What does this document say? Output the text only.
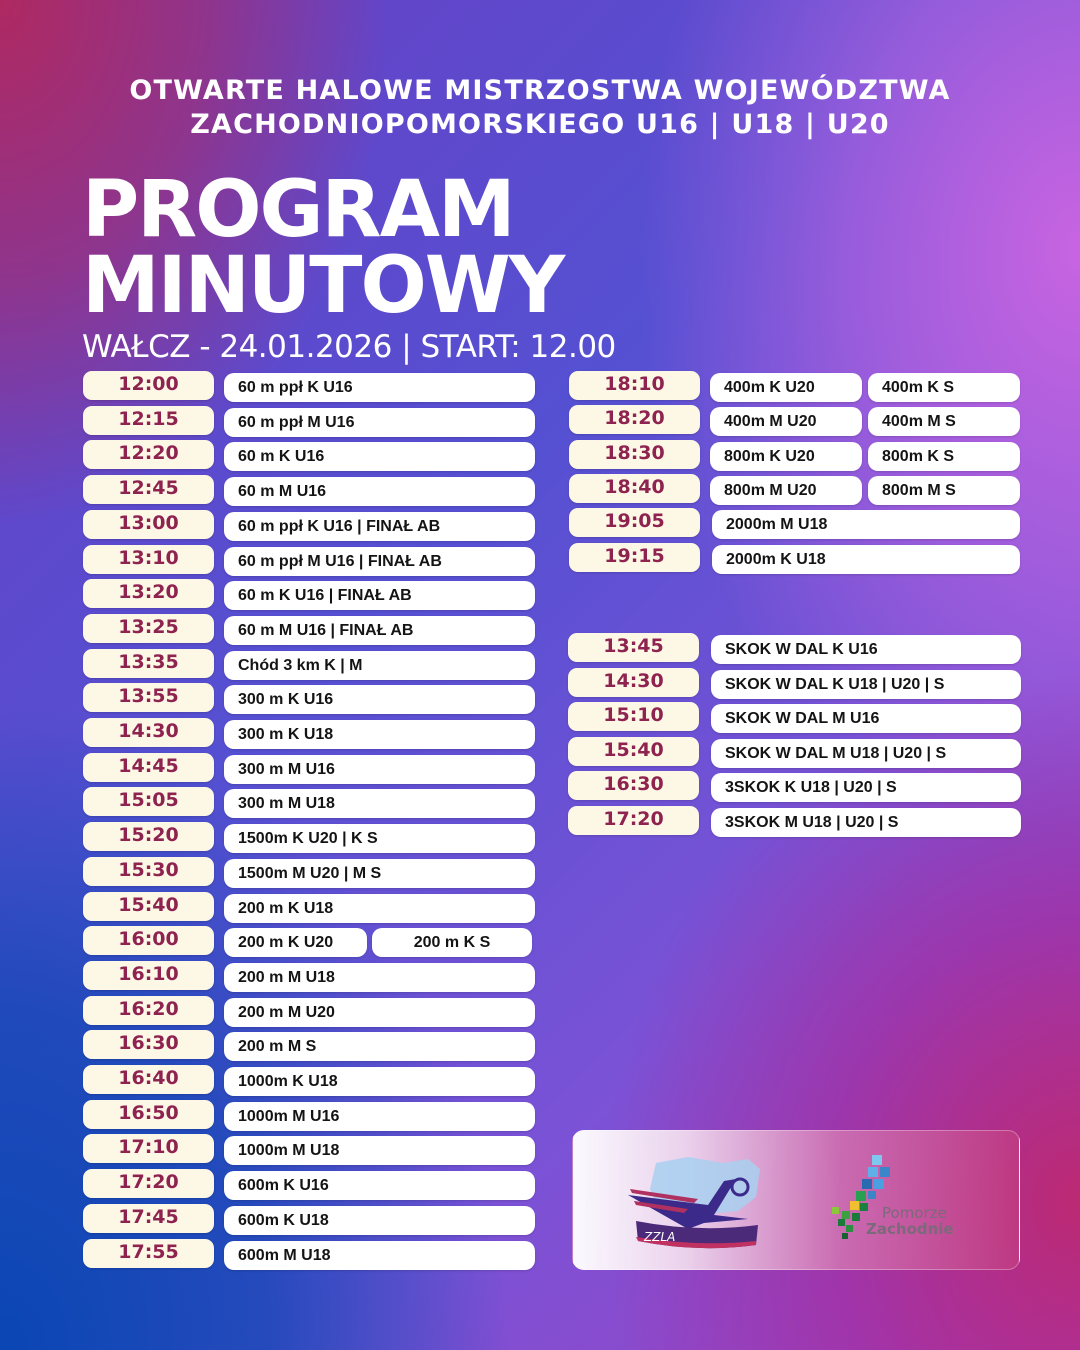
OTWARTE HALOWE MISTRZOSTWA WOJEWÓDZTWA
ZACHODNIOPOMORSKIEGO U16 | U18 | U20
PROGRAM
MINUTOWY
WAŁCZ - 24.01.2026 | START: 12.00
12:00	60 m ppł K U16
12:15	60 m ppł M U16
12:20	60 m K U16
12:45	60 m M U16
13:00	60 m ppł K U16 | FINAŁ AB
13:10	60 m ppł M U16 | FINAŁ AB
13:20	60 m K U16 | FINAŁ AB
13:25	60 m M U16 | FINAŁ AB
13:35	Chód 3 km K | M
13:55	300 m K U16
14:30	300 m K U18
14:45	300 m M U16
15:05	300 m M U18
15:20	1500m K U20 | K S
15:30	1500m M U20 | M S
15:40	200 m K U18
16:00	200 m K U20	200 m K S
16:10	200 m M U18
16:20	200 m M U20
16:30	200 m M S
16:40	1000m K U18
16:50	1000m M U16
17:10	1000m M U18
17:20	600m K U16
17:45	600m K U18
17:55	600m M U18
18:10	400m K U20	400m K S
18:20	400m M U20	400m M S
18:30	800m K U20	800m K S
18:40	800m M U20	800m M S
19:05	2000m M U18
19:15	2000m K U18
13:45	SKOK W DAL K U16
14:30	SKOK W DAL K U18 | U20 | S
15:10	SKOK W DAL M U16
15:40	SKOK W DAL M U18 | U20 | S
16:30	3SKOK K U18 | U20 | S
17:20	3SKOK M U18 | U20 | S
ZZLA
Pomorze
Zachodnie
